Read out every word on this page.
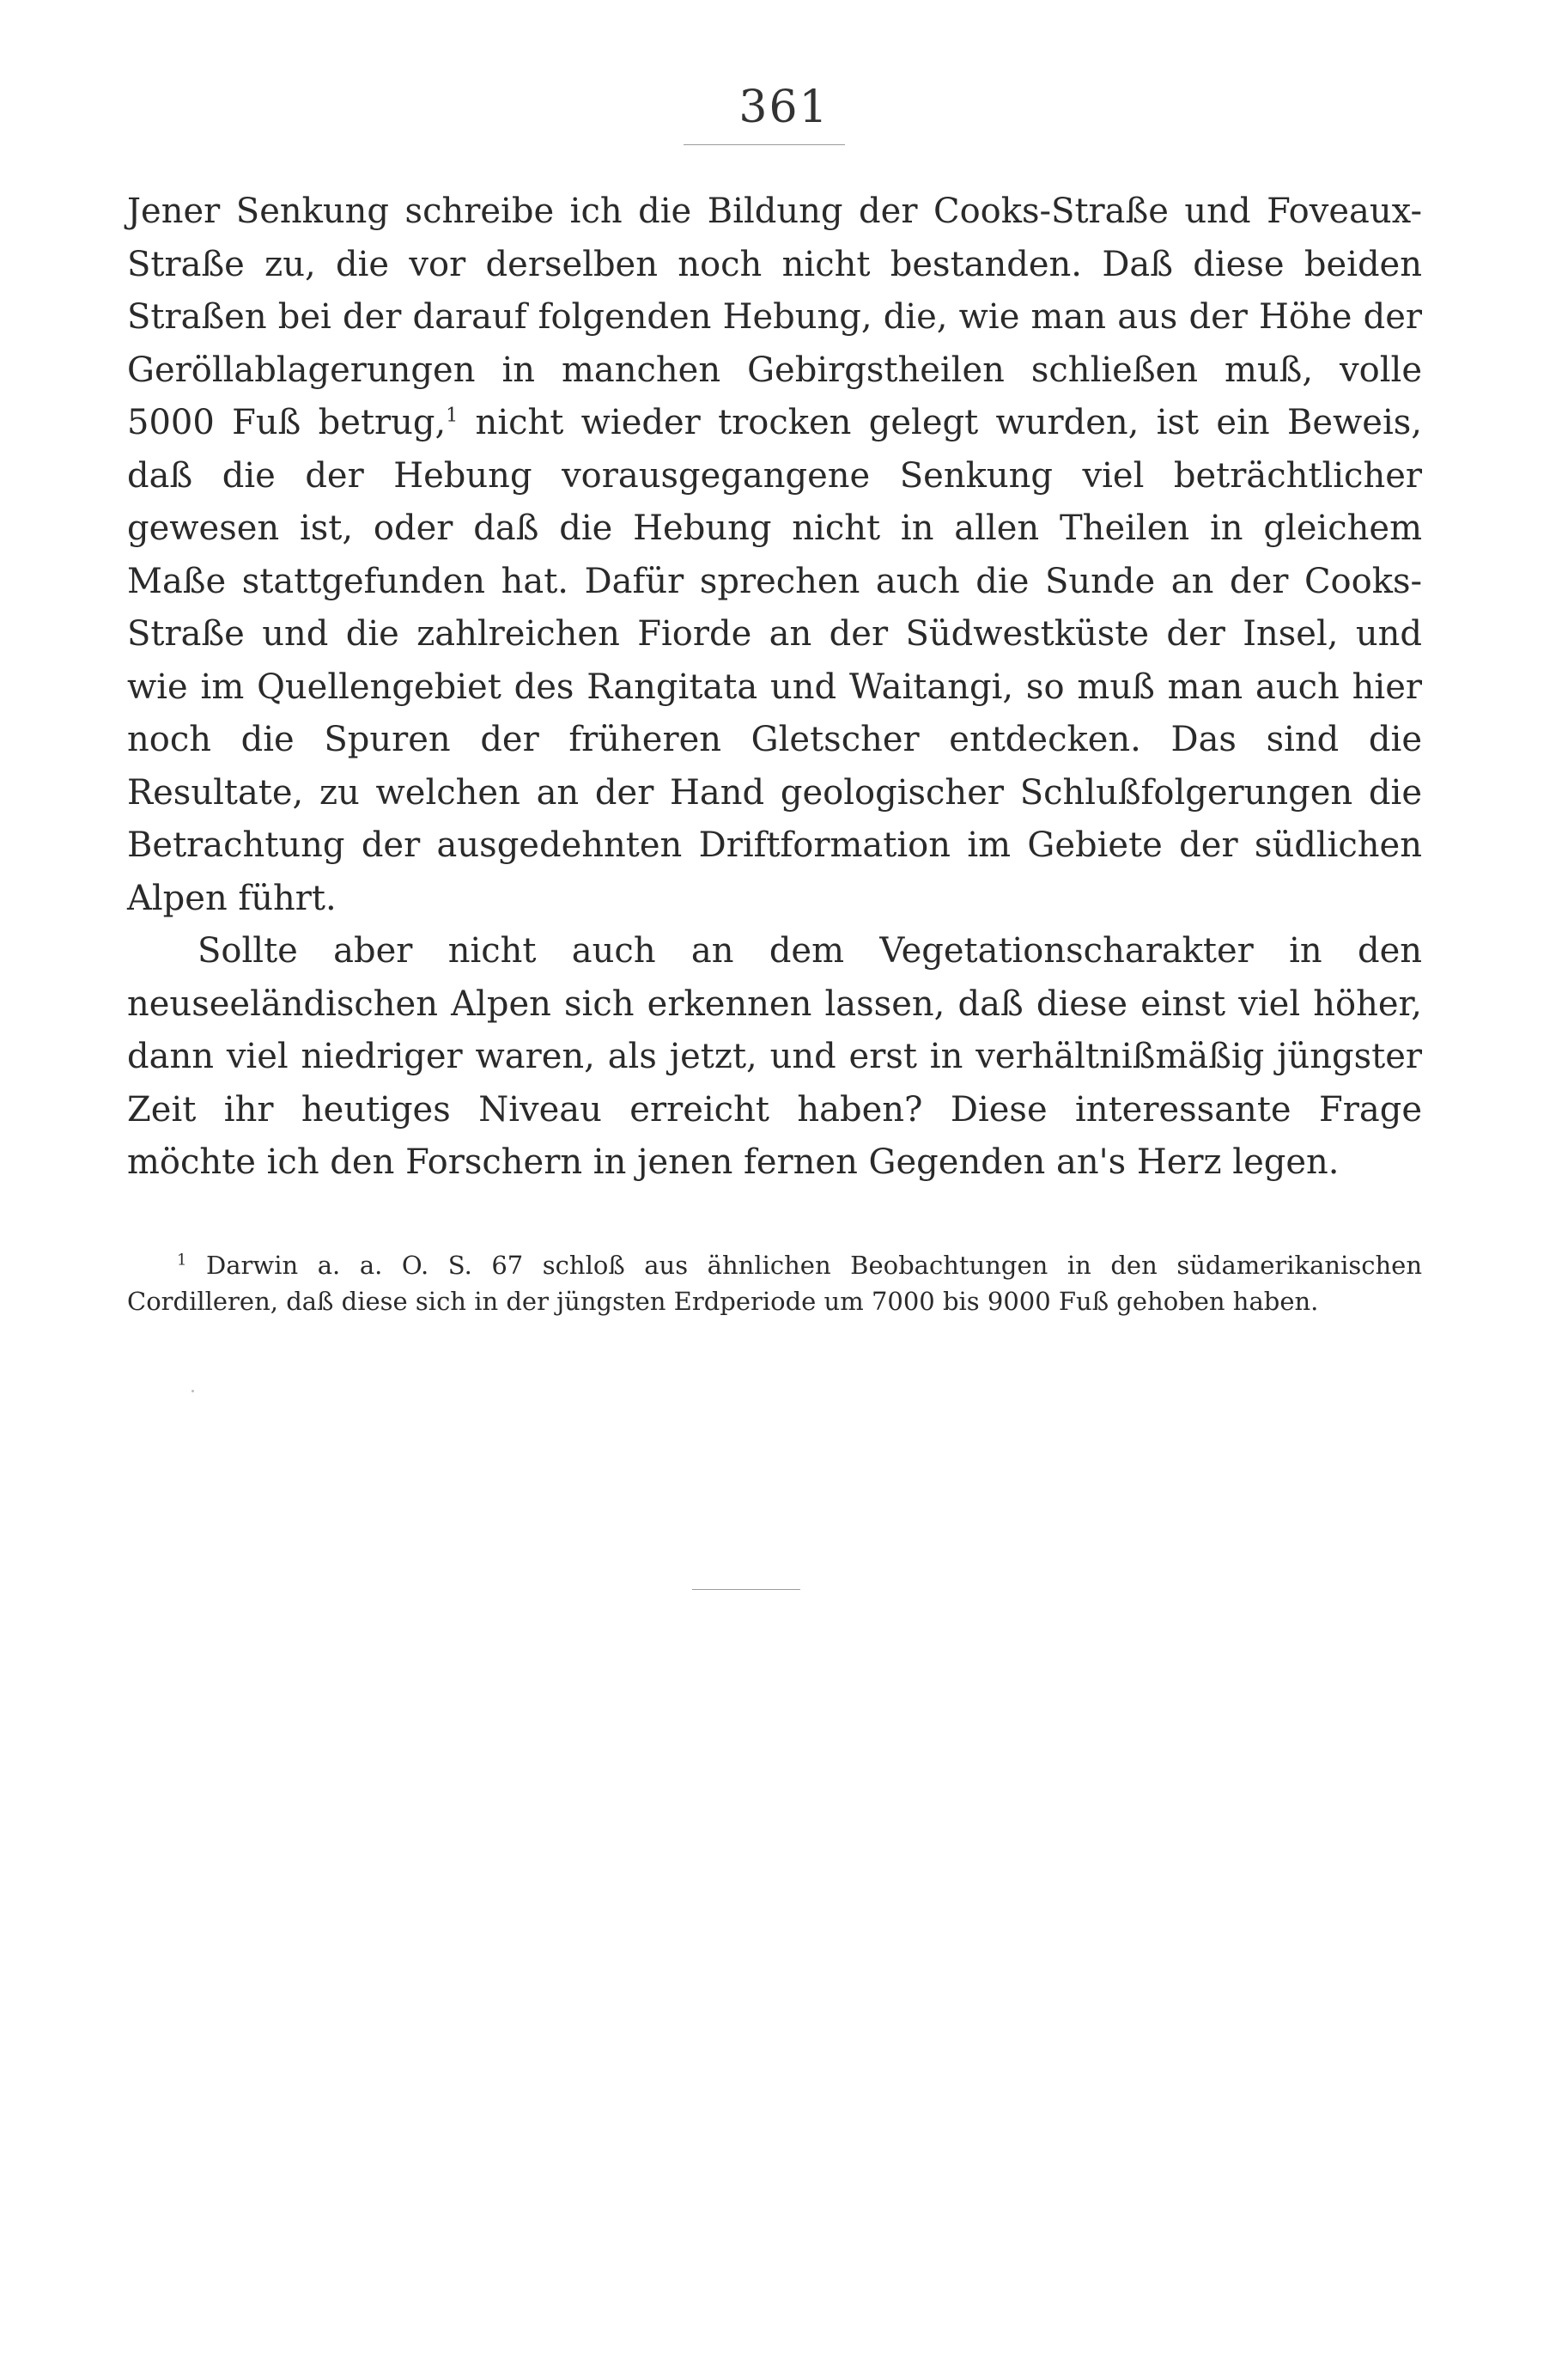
361

Jener Senkung schreibe ich die Bildung der Cooks-Straße und Foveaux-Straße zu, die vor derselben noch nicht bestanden. Daß diese beiden Straßen bei der darauf folgenden Hebung, die, wie man aus der Höhe der Geröllablagerungen in manchen Gebirgstheilen schließen muß, volle 5000 Fuß betrug,$^1$ nicht wieder trocken gelegt wurden, ist ein Beweis, daß die der Hebung vorausgegangene Senkung viel beträchtlicher gewesen ist, oder daß die Hebung nicht in allen Theilen in gleichem Maße stattgefunden hat. Dafür sprechen auch die Sunde an der Cooks-Straße und die zahlreichen Fiorde an der Südwestküste der Insel, und wie im Quellengebiet des Rangitata und Waitangi, so muß man auch hier noch die Spuren der früheren Gletscher entdecken. Das sind die Resultate, zu welchen an der Hand geologischer Schlußfolgerungen die Betrachtung der ausgedehnten Driftformation im Gebiete der südlichen Alpen führt.

Sollte aber nicht auch an dem Vegetationscharakter in den neuseeländischen Alpen sich erkennen lassen, daß diese einst viel höher, dann viel niedriger waren, als jetzt, und erst in verhältnißmäßig jüngster Zeit ihr heutiges Niveau erreicht haben? Diese interessante Frage möchte ich den Forschern in jenen fernen Gegenden an's Herz legen.

$^1$ Darwin a. a. O. S. 67 schloß aus ähnlichen Beobachtungen in den südamerikanischen Cordilleren, daß diese sich in der jüngsten Erdperiode um 7000 bis 9000 Fuß gehoben haben.
